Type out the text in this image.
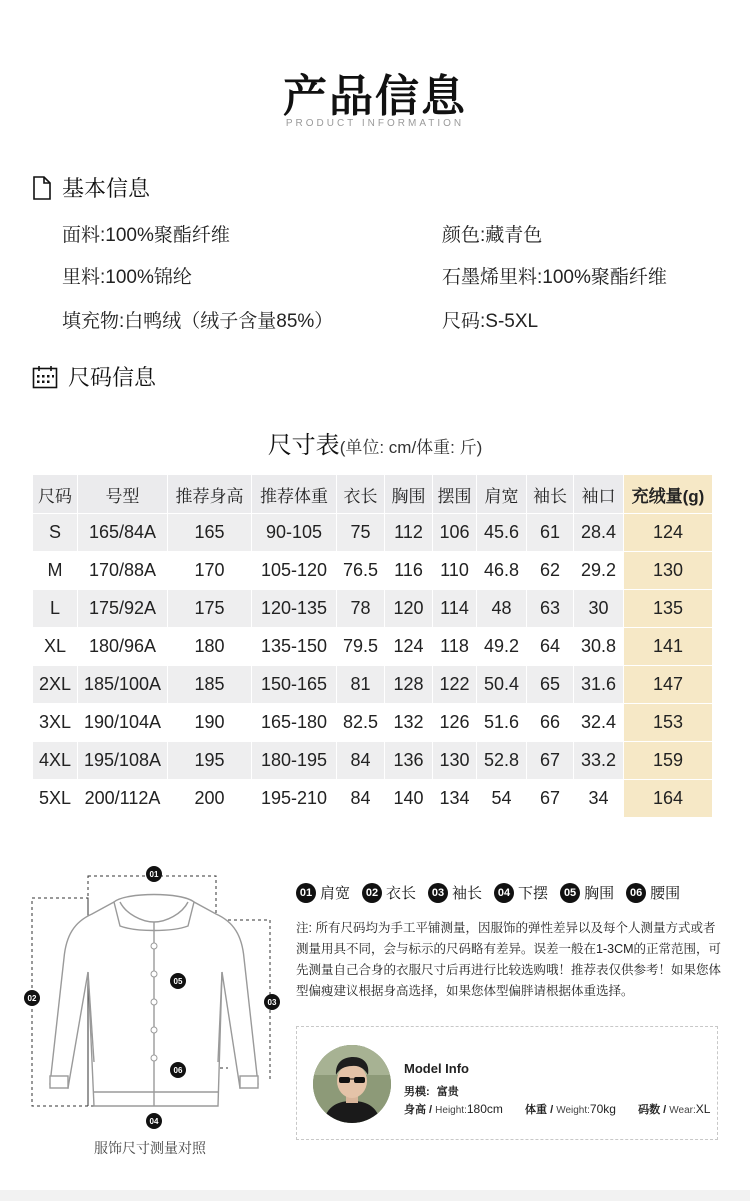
产品信息
PRODUCT INFORMATION
基本信息
面料:100%聚酯纤维	颜色:藏青色
里料:100%锦纶	石墨烯里料:100%聚酯纤维
填充物:白鸭绒（绒子含量85%）	尺码:S-5XL
尺码信息
尺寸表(单位: cm/体重: 斤)
尺码	号型	推荐身高	推荐体重	衣长	胸围	摆围	肩宽	袖长	袖口	充绒量(g)
S	165/84A	165	90-105	75	112	106	45.6	61	28.4	124
M	170/88A	170	105-120	76.5	116	110	46.8	62	29.2	130
L	175/92A	175	120-135	78	120	114	48	63	30	135
XL	180/96A	180	135-150	79.5	124	118	49.2	64	30.8	141
2XL	185/100A	185	150-165	81	128	122	50.4	65	31.6	147
3XL	190/104A	190	165-180	82.5	132	126	51.6	66	32.4	153
4XL	195/108A	195	180-195	84	136	130	52.8	67	33.2	159
5XL	200/112A	200	195-210	84	140	134	54	67	34	164
01
02	03
04
05
06
服饰尺寸测量对照
01 肩宽	02 衣长	03 袖长	04 下摆	05 胸围	06 腰围
注: 所有尺码均为手工平铺测量，因服饰的弹性差异以及每个人测量方式或者测量用具不同，会与标示的尺码略有差异。误差一般在1-3CM的正常范围，可先测量自己合身的衣服尺寸后再进行比较选购哦！推荐表仅供参考！如果您体型偏瘦建议根据身高选择，如果您体型偏胖请根据体重选择。
Model Info
男模: 富贵
身高 / Height:180cm 体重 / Weight:70kg 码数 / Wear:XL
